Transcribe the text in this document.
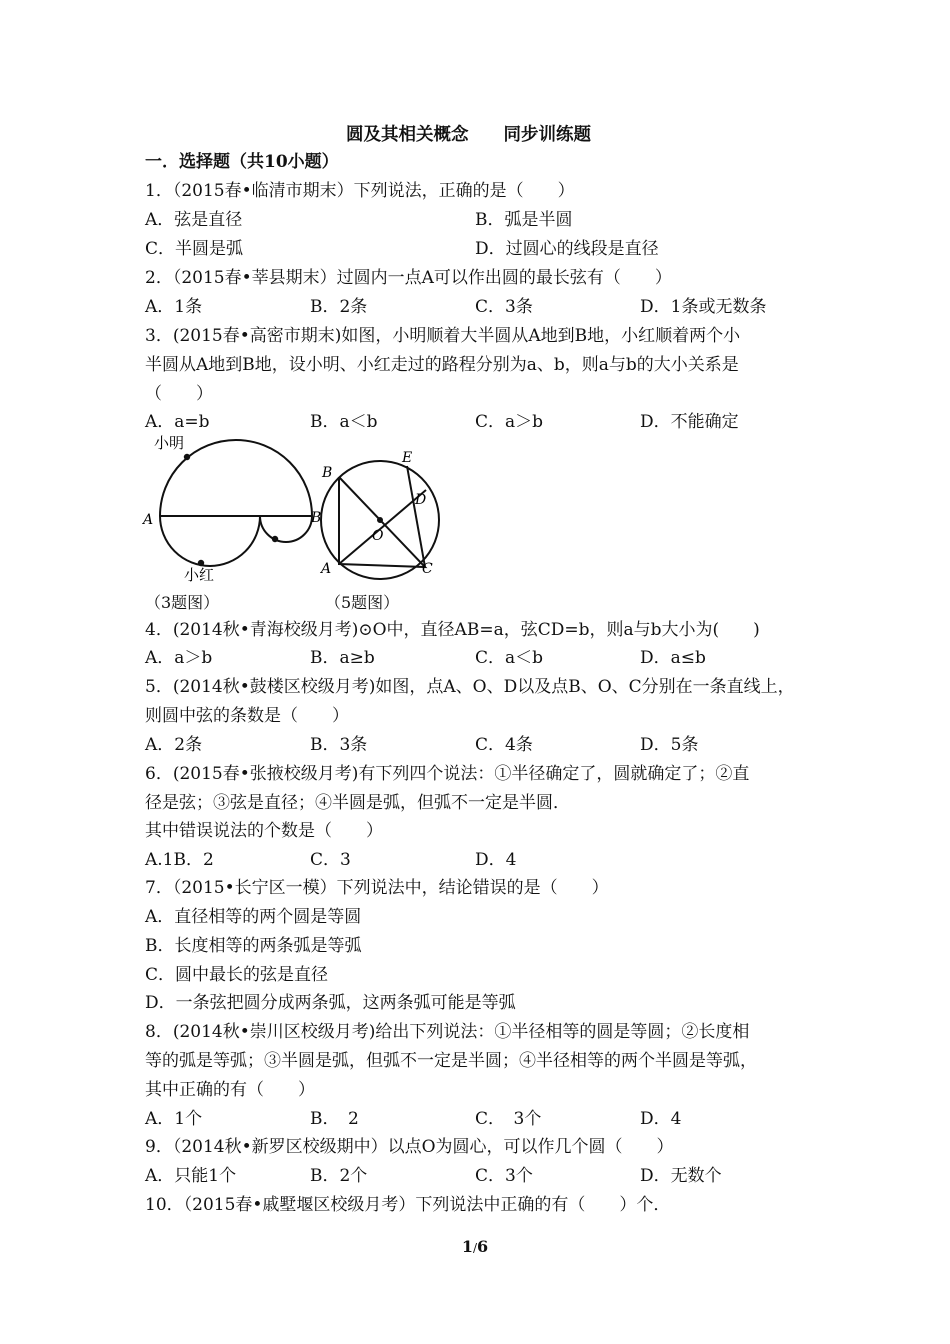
圆及其相关概念　　同步训练题
一．选择题（共10小题）
1．（2015春•临清市期末）下列说法，正确的是（　　）
A．弦是直径	B．弧是半圆
C．半圆是弧	D．过圆心的线段是直径
2．（2015春•莘县期末）过圆内一点A可以作出圆的最长弦有（　　）
A．1条	B．2条	C．3条	D．1条或无数条
3．(2015春•高密市期末)如图，小明顺着大半圆从A地到B地，小红顺着两个小
半圆从A地到B地，设小明、小红走过的路程分别为a、b，则a与b的大小关系是
（　　）
A．a=b	B．a＜b	C．a＞b	D．不能确定
小明
小红
A	B
B
E
D
O
A	C
（3题图）	（5题图）
4．(2014秋•青海校级月考)⊙O中，直径AB=a，弦CD=b，则a与b大小为(　　)
A．a＞b	B．a≥b	C．a＜b	D．a≤b
5．(2014秋•鼓楼区校级月考)如图，点A、O、D以及点B、O、C分别在一条直线上，
则圆中弦的条数是（　　）
A．2条	B．3条	C．4条	D．5条
6．(2015春•张掖校级月考)有下列四个说法：①半径确定了，圆就确定了；②直
径是弦；③弦是直径；④半圆是弧，但弧不一定是半圆．
其中错误说法的个数是（　　）
A.1B．2	C．3	D．4
7．（2015•长宁区一模）下列说法中，结论错误的是（　　）
A．直径相等的两个圆是等圆
B．长度相等的两条弧是等弧
C．圆中最长的弦是直径
D．一条弦把圆分成两条弧，这两条弧可能是等弧
8．(2014秋•崇川区校级月考)给出下列说法：①半径相等的圆是等圆；②长度相
等的弧是等弧；③半圆是弧，但弧不一定是半圆；④半径相等的两个半圆是等弧，
其中正确的有（　　）
A．1个	B．　2	C．　3个	D．4
9．（2014秋•新罗区校级期中）以点O为圆心，可以作几个圆（　　）
A．只能1个	B．2个	C．3个	D．无数个
10．（2015春•戚墅堰区校级月考）下列说法中正确的有（　　）个．
1/6
